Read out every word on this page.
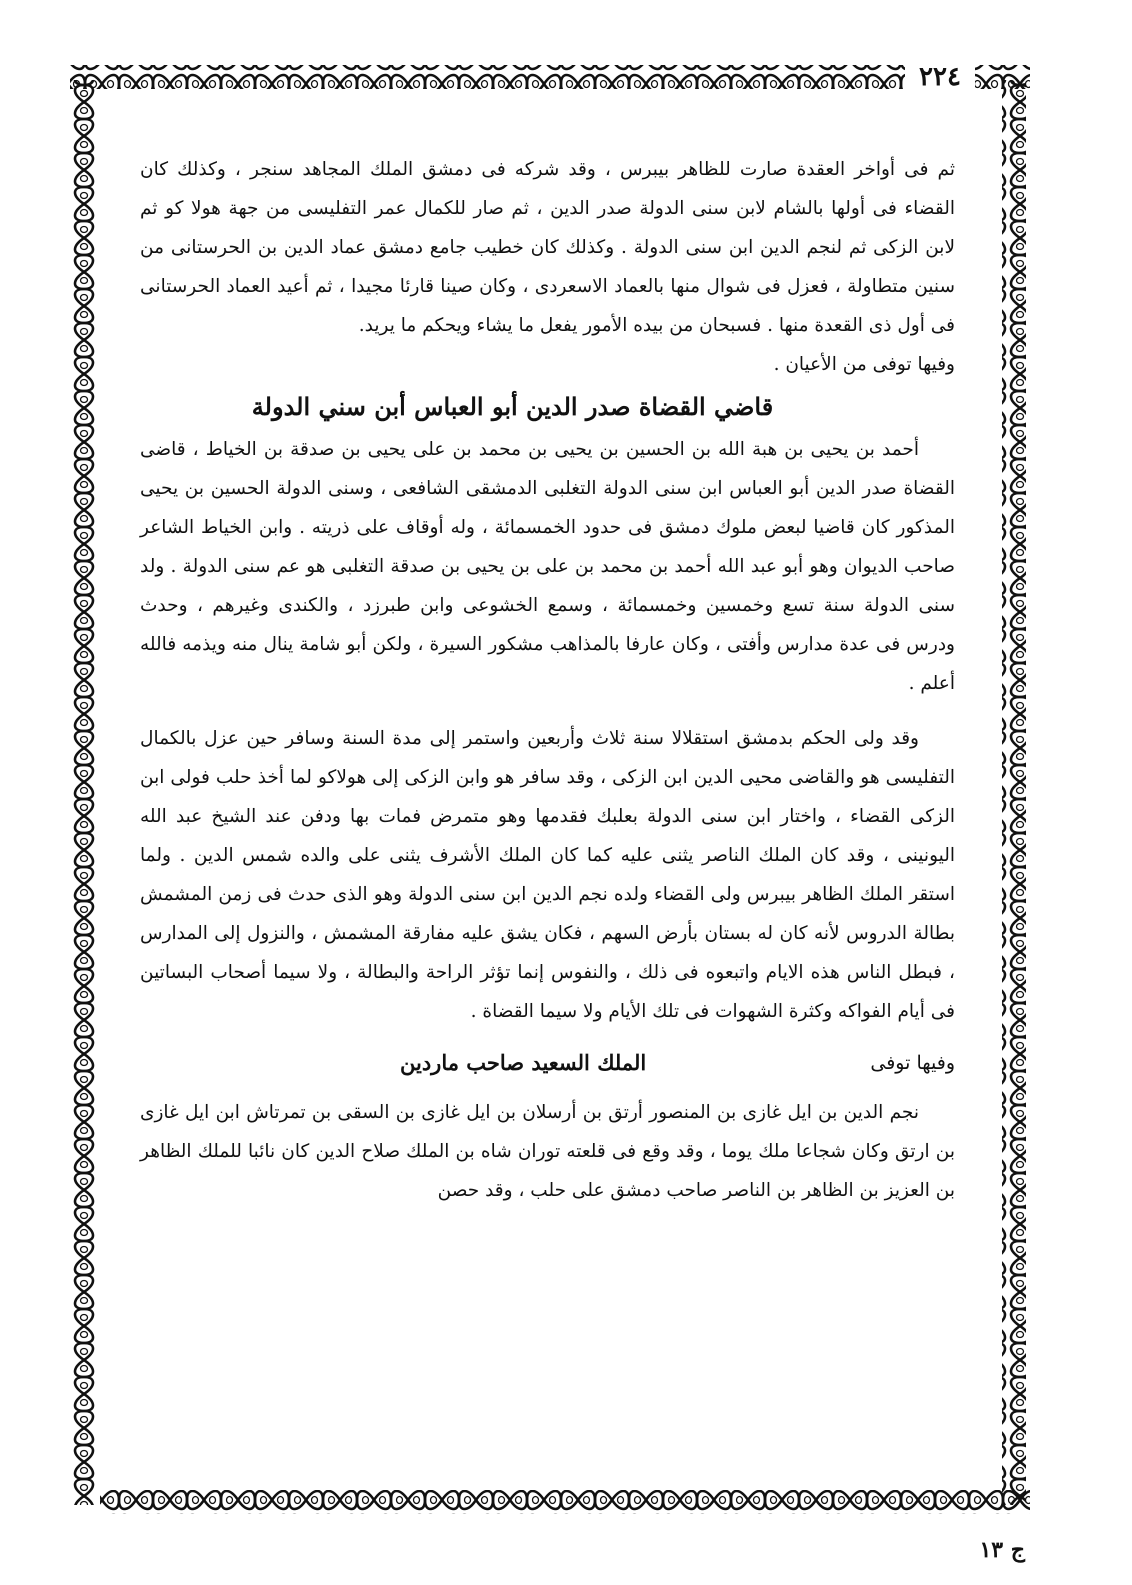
٢٢٤

ثم فى أواخر العقدة صارت للظاهر بيبرس ، وقد شركه فى دمشق الملك المجاهد سنجر ، وكذلك كان القضاء فى أولها بالشام لابن سنى الدولة صدر الدين ، ثم صار للكمال عمر التفليسى من جهة هولا كو ثم لابن الزكى ثم لنجم الدين ابن سنى الدولة . وكذلك كان خطيب جامع دمشق عماد الدين بن الحرستانى من سنين متطاولة ، فعزل فى شوال منها بالعماد الاسعردى ، وكان صينا قارئا مجيدا ، ثم أعيد العماد الحرستانى فى أول ذى القعدة منها . فسبحان من بيده الأمور يفعل ما يشاء ويحكم ما يريد.

وفيها توفى من الأعيان .

قاضي القضاة صدر الدين أبو العباس أبن سني الدولة

أحمد بن يحيى بن هبة الله بن الحسين بن يحيى بن محمد بن على يحيى بن صدقة بن الخياط ، قاضى القضاة صدر الدين أبو العباس ابن سنى الدولة التغلبى الدمشقى الشافعى ، وسنى الدولة الحسين بن يحيى المذكور كان قاضيا لبعض ملوك دمشق فى حدود الخمسمائة ، وله أوقاف على ذريته . وابن الخياط الشاعر صاحب الديوان وهو أبو عبد الله أحمد بن محمد بن على بن يحيى بن صدقة التغلبى هو عم سنى الدولة . ولد سنى الدولة سنة تسع وخمسين وخمسمائة ، وسمع الخشوعى وابن طبرزد ، والكندى وغيرهم ، وحدث ودرس فى عدة مدارس وأفتى ، وكان عارفا بالمذاهب مشكور السيرة ، ولكن أبو شامة ينال منه ويذمه فالله أعلم .

وقد ولى الحكم بدمشق استقلالا سنة ثلاث وأربعين واستمر إلى مدة السنة وسافر حين عزل بالكمال التفليسى هو والقاضى محيى الدين ابن الزكى ، وقد سافر هو وابن الزكى إلى هولاكو لما أخذ حلب فولى ابن الزكى القضاء ، واختار ابن سنى الدولة بعلبك فقدمها وهو متمرض فمات بها ودفن عند الشيخ عبد الله اليونينى ، وقد كان الملك الناصر يثنى عليه كما كان الملك الأشرف يثنى على والده شمس الدين . ولما استقر الملك الظاهر بيبرس ولى القضاء ولده نجم الدين ابن سنى الدولة وهو الذى حدث فى زمن المشمش بطالة الدروس لأنه كان له بستان بأرض السهم ، فكان يشق عليه مفارقة المشمش ، والنزول إلى المدارس ، فبطل الناس هذه الايام واتبعوه فى ذلك ، والنفوس إنما تؤثر الراحة والبطالة ، ولا سيما أصحاب البساتين فى أيام الفواكه وكثرة الشهوات فى تلك الأيام ولا سيما القضاة .

وفيها توفى
الملك السعيد صاحب ماردين

نجم الدين بن ايل غازى بن المنصور أرتق بن أرسلان بن ايل غازى بن السقى بن تمرتاش ابن ايل غازى بن ارتق وكان شجاعا ملك يوما ، وقد وقع فى قلعته توران شاه بن الملك صلاح الدين كان نائبا للملك الظاهر بن العزيز بن الظاهر بن الناصر صاحب دمشق على حلب ، وقد حصن

ج ١٣
